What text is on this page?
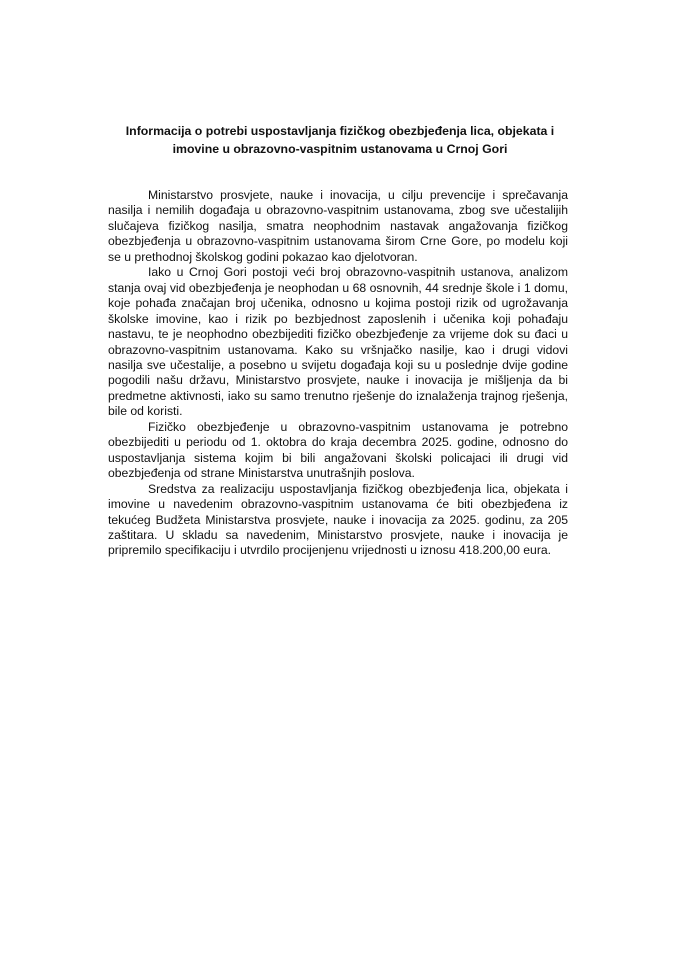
Informacija o potrebi uspostavljanja fizičkog obezbjeđenja lica, objekata i
imovine u obrazovno-vaspitnim ustanovama u Crnoj Gori

Ministarstvo prosvjete, nauke i inovacija, u cilju prevencije i sprečavanja nasilja i nemilih događaja u obrazovno-vaspitnim ustanovama, zbog sve učestalijih slučajeva fizičkog nasilja, smatra neophodnim nastavak angažovanja fizičkog obezbjeđenja u obrazovno-vaspitnim ustanovama širom Crne Gore, po modelu koji se u prethodnoj školskog godini pokazao kao djelotvoran.

Iako u Crnoj Gori postoji veći broj obrazovno-vaspitnih ustanova, analizom stanja ovaj vid obezbjeđenja je neophodan u 68 osnovnih, 44 srednje škole i 1 domu, koje pohađa značajan broj učenika, odnosno u kojima postoji rizik od ugrožavanja školske imovine, kao i rizik po bezbjednost zaposlenih i učenika koji pohađaju nastavu, te je neophodno obezbijediti fizičko obezbjeđenje za vrijeme dok su đaci u obrazovno-vaspitnim ustanovama. Kako su vršnjačko nasilje, kao i drugi vidovi nasilja sve učestalije, a posebno u svijetu događaja koji su u poslednje dvije godine pogodili našu državu, Ministarstvo prosvjete, nauke i inovacija je mišljenja da bi predmetne aktivnosti, iako su samo trenutno rješenje do iznalaženja trajnog rješenja, bile od koristi.

Fizičko obezbjeđenje u obrazovno-vaspitnim ustanovama je potrebno obezbijediti u periodu od 1. oktobra do kraja decembra 2025. godine, odnosno do uspostavljanja sistema kojim bi bili angažovani školski policajaci ili drugi vid obezbjeđenja od strane Ministarstva unutrašnjih poslova.

Sredstva za realizaciju uspostavljanja fizičkog obezbjeđenja lica, objekata i imovine u navedenim obrazovno-vaspitnim ustanovama će biti obezbjeđena iz tekućeg Budžeta Ministarstva prosvjete, nauke i inovacija za 2025. godinu, za 205 zaštitara. U skladu sa navedenim, Ministarstvo prosvjete, nauke i inovacija je pripremilo specifikaciju i utvrdilo procijenjenu vrijednosti u iznosu 418.200,00 eura.
